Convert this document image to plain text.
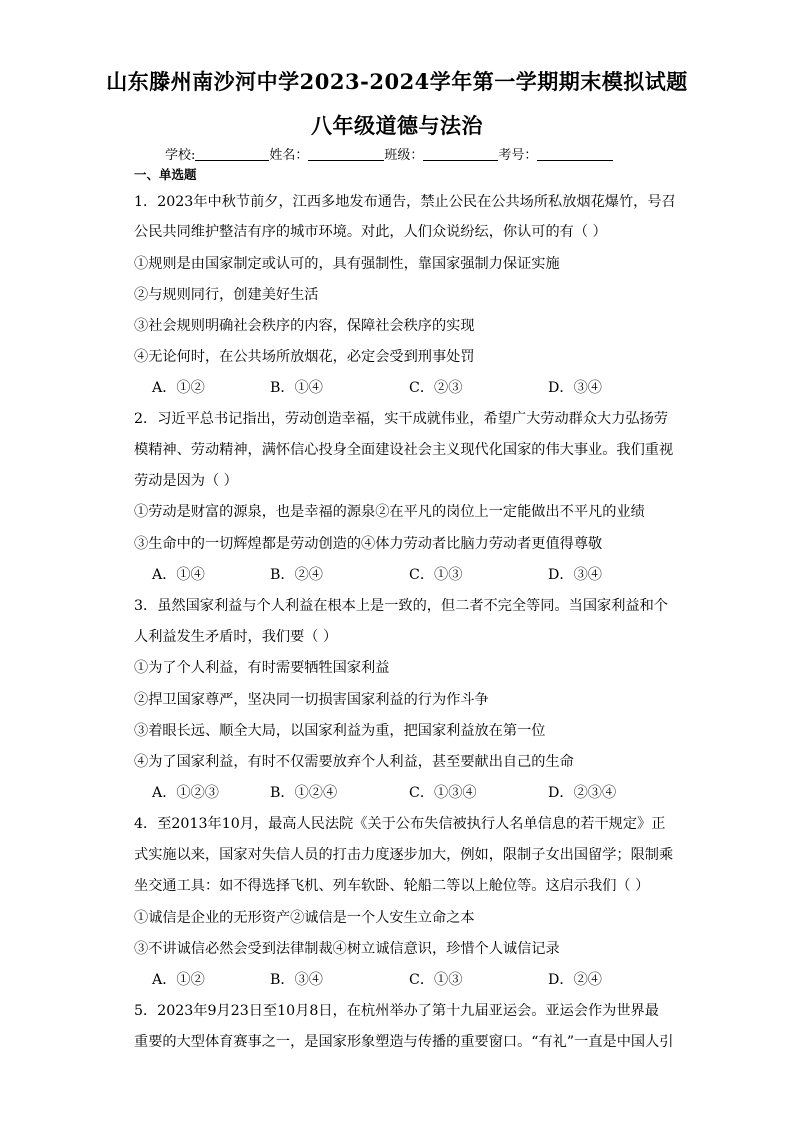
山东滕州南沙河中学2023-2024学年第一学期期末模拟试题
八年级道德与法治
学校:	姓名：	班级：	考号：
一、单选题
1．2023年中秋节前夕，江西多地发布通告，禁止公民在公共场所私放烟花爆竹，号召
公民共同维护整洁有序的城市环境。对此，人们众说纷纭，你认可的有（ ）
①规则是由国家制定或认可的，具有强制性，靠国家强制力保证实施
②与规则同行，创建美好生活
③社会规则明确社会秩序的内容，保障社会秩序的实现
④无论何时，在公共场所放烟花，必定会受到刑事处罚
A．①②	B．①④	C．②③	D．③④
2．习近平总书记指出，劳动创造幸福，实干成就伟业，希望广大劳动群众大力弘扬劳
模精神、劳动精神，满怀信心投身全面建设社会主义现代化国家的伟大事业。我们重视
劳动是因为（ ）
①劳动是财富的源泉，也是幸福的源泉②在平凡的岗位上一定能做出不平凡的业绩
③生命中的一切辉煌都是劳动创造的④体力劳动者比脑力劳动者更值得尊敬
A．①④	B．②④	C．①③	D．③④
3．虽然国家利益与个人利益在根本上是一致的，但二者不完全等同。当国家利益和个
人利益发生矛盾时，我们要（ ）
①为了个人利益，有时需要牺牲国家利益
②捍卫国家尊严，坚决同一切损害国家利益的行为作斗争
③着眼长远、顺全大局，以国家利益为重，把国家利益放在第一位
④为了国家利益，有时不仅需要放弃个人利益，甚至要献出自己的生命
A．①②③	B．①②④	C．①③④	D．②③④
4．至2013年10月，最高人民法院《关于公布失信被执行人名单信息的若干规定》正
式实施以来，国家对失信人员的打击力度逐步加大，例如，限制子女出国留学；限制乘
坐交通工具：如不得选择飞机、列车软卧、轮船二等以上舱位等。这启示我们（ ）
①诚信是企业的无形资产②诚信是一个人安生立命之本
③不讲诚信必然会受到法律制裁④树立诚信意识，珍惜个人诚信记录
A．①②	B．③④	C．①③	D．②④
5．2023年9月23日至10月8日，在杭州举办了第十九届亚运会。亚运会作为世界最
重要的大型体育赛事之一，是国家形象塑造与传播的重要窗口。“有礼”一直是中国人引
